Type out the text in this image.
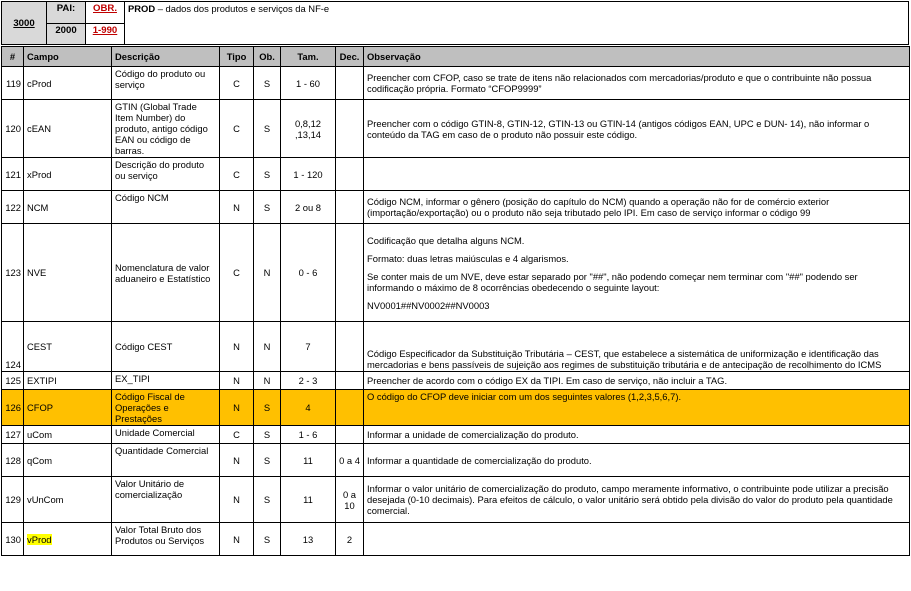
3000	PAI:	OBR.	PROD – dados dos produtos e serviços da NF-e
	2000	1-990	
#	Campo	Descrição	Tipo	Ob.	Tam.	Dec.	Observação
119	cProd	Código do produto ou serviço	C	S	1 - 60		Preencher com CFOP, caso se trate de itens não relacionados com mercadorias/produto e que o contribuinte não possua codificação própria. Formato “CFOP9999”

120	cEAN	GTIN (Global Trade Item Number) do produto, antigo código EAN ou código de barras.	C	S	0,8,12 ,13,14		Preencher com o código GTIN-8, GTIN-12, GTIN-13 ou GTIN-14 (antigos códigos EAN, UPC e DUN- 14), não informar o conteúdo da TAG em caso de o produto não possuir este código.

121	xProd	Descrição do produto ou serviço	C	S	1 - 120		

122	NCM	Código NCM	N	S	2 ou 8		Código NCM, informar o gênero (posição do capítulo do NCM) quando a operação não for de comércio exterior (importação/exportação) ou o produto não seja tributado pelo IPI. Em caso de serviço informar o código 99

123	NVE	Nomenclatura de valor aduaneiro e Estatístico	C	N	0 - 6		Codificação que detalha alguns NCM.

Formato: duas letras maiúsculas e 4 algarismos.

Se conter mais de um NVE, deve estar separado por "##", não podendo começar nem terminar com "##" podendo ser informando o máximo de 8 ocorrências obedecendo o seguinte layout:

NV0001##NV0002##NV0003

124	CEST	Código CEST	N	N	7		Código Especificador da Substituição Tributária – CEST, que estabelece a sistemática de uniformização e identificação das mercadorias e bens passíveis de sujeição aos regimes de substituição tributária e de antecipação de recolhimento do ICMS

125	EXTIPI	EX_TIPI	N	N	2 - 3		Preencher de acordo com o código EX da TIPI. Em caso de serviço, não incluir a TAG.

126	CFOP	Código Fiscal de Operações e Prestações	N	S	4		O código do CFOP deve iniciar com um dos seguintes valores (1,2,3,5,6,7).

127	uCom	Unidade Comercial	C	S	1 - 6		Informar a unidade de comercialização do produto.

128	qCom	Quantidade Comercial	N	S	11	0 a 4	Informar a quantidade de comercialização do produto.

129	vUnCom	Valor Unitário de comercialização	N	S	11	0 a 10	Informar o valor unitário de comercialização do produto, campo meramente informativo, o contribuinte pode utilizar a precisão desejada (0-10 decimais). Para efeitos de cálculo, o valor unitário será obtido pela divisão do valor do produto pela quantidade comercial.

130	vProd	Valor Total Bruto dos Produtos ou Serviços	N	S	13	2	
